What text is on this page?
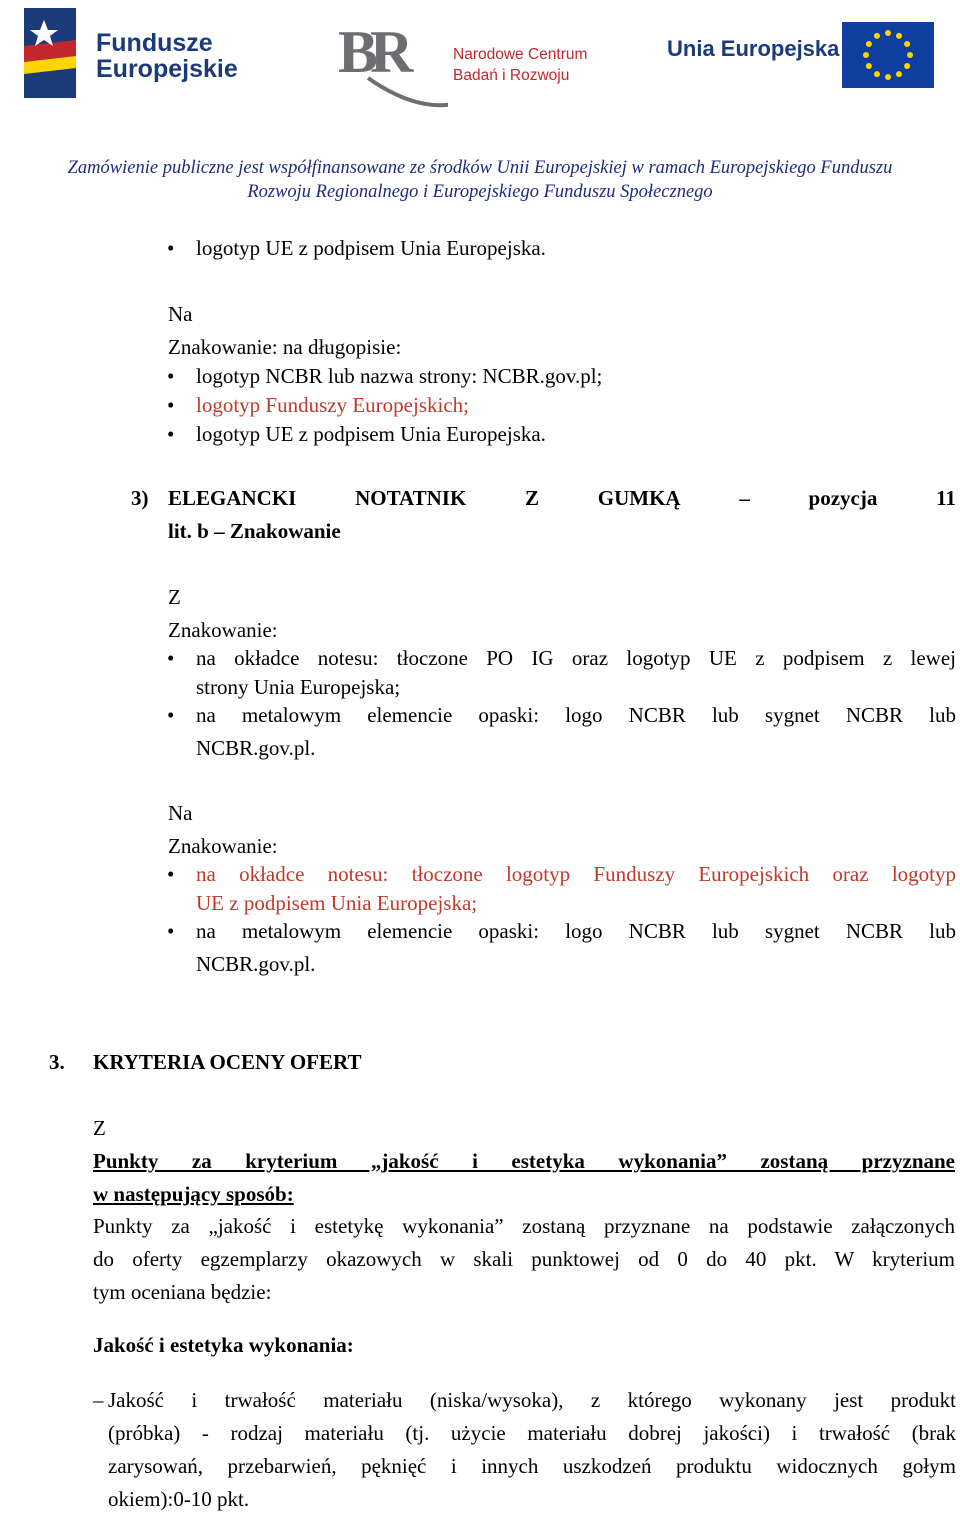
Fundusze
Europejskie BR	Narodowe Centrum
Badań i Rozwoju
Unia Europejska
Zamówienie publiczne jest współfinansowane ze środków Unii Europejskiej w ramach Europejskiego Funduszu
Rozwoju Regionalnego i Europejskiego Funduszu Społecznego
• logotyp UE z podpisem Unia Europejska.
Na
Znakowanie: na długopisie:
• logotyp NCBR lub nazwa strony: NCBR.gov.pl;
• logotyp Funduszy Europejskich;
• logotyp UE z podpisem Unia Europejska.
3) ELEGANCKI	NOTATNIK	Z	GUMKĄ	–	pozycja	11
lit. b – Znakowanie
Z
Znakowanie:
• na okładce notesu: tłoczone PO IG oraz logotyp UE z podpisem z lewej
strony Unia Europejska;
• na metalowym elemencie opaski: logo NCBR lub sygnet NCBR lub
NCBR.gov.pl.
Na
Znakowanie:
• na okładce notesu: tłoczone logotyp Funduszy Europejskich oraz logotyp
UE z podpisem Unia Europejska;
• na metalowym elemencie opaski: logo NCBR lub sygnet NCBR lub
NCBR.gov.pl.
3. KRYTERIA OCENY OFERT
Z
Punkty za kryterium „jakość i estetyka wykonania” zostaną przyznane
w następujący sposób:
Punkty za „jakość i estetykę wykonania” zostaną przyznane na podstawie załączonych
do oferty egzemplarzy okazowych w skali punktowej od 0 do 40 pkt. W kryterium
tym oceniana będzie:
Jakość i estetyka wykonania:
– Jakość i trwałość materiału (niska/wysoka), z którego wykonany jest produkt
(próbka) - rodzaj materiału (tj. użycie materiału dobrej jakości) i trwałość (brak
zarysowań, przebarwień, pęknięć i innych uszkodzeń produktu widocznych gołym
okiem):0-10 pkt.
